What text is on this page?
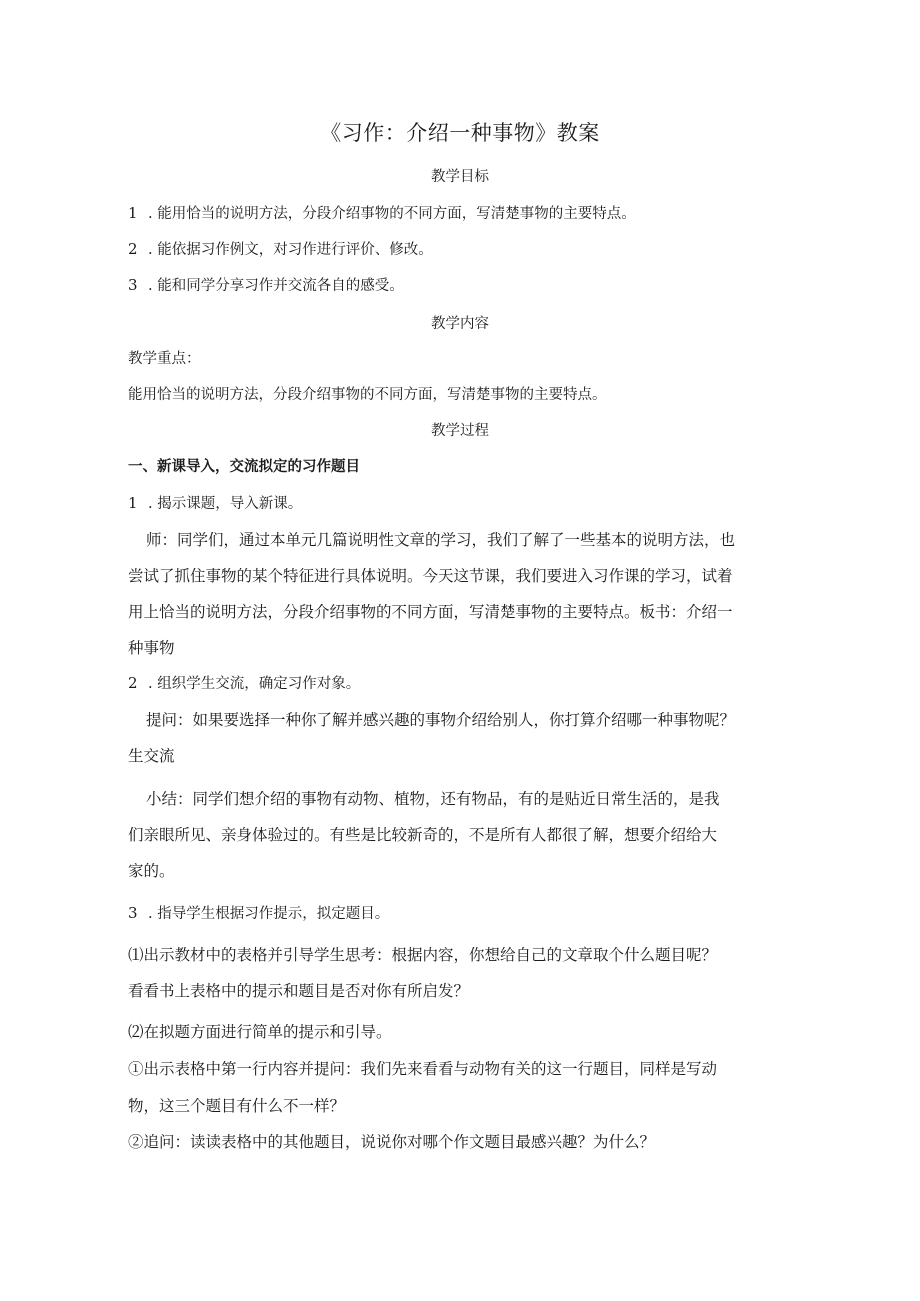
《习作：介绍一种事物》教案
教学目标
1 . 能用恰当的说明方法，分段介绍事物的不同方面，写清楚事物的主要特点。
2 . 能依据习作例文，对习作进行评价、修改。
3 . 能和同学分享习作并交流各自的感受。
教学内容
教学重点：
能用恰当的说明方法，分段介绍事物的不同方面，写清楚事物的主要特点。
教学过程
一、新课导入，交流拟定的习作题目
1 . 揭示课题，导入新课。
师：同学们，通过本单元几篇说明性文章的学习，我们了解了一些基本的说明方法，也
尝试了抓住事物的某个特征进行具体说明。今天这节课，我们要进入习作课的学习，试着
用上恰当的说明方法，分段介绍事物的不同方面，写清楚事物的主要特点。板书：介绍一
种事物
2 . 组织学生交流，确定习作对象。
提问：如果要选择一种你了解并感兴趣的事物介绍给别人，你打算介绍哪一种事物呢？
生交流
小结：同学们想介绍的事物有动物、植物，还有物品，有的是贴近日常生活的，是我
们亲眼所见、亲身体验过的。有些是比较新奇的，不是所有人都很了解，想要介绍给大
家的。
3 . 指导学生根据习作提示，拟定题目。
⑴出示教材中的表格并引导学生思考：根据内容，你想给自己的文章取个什么题目呢？
看看书上表格中的提示和题目是否对你有所启发？
⑵在拟题方面进行简单的提示和引导。
①出示表格中第一行内容并提问：我们先来看看与动物有关的这一行题目，同样是写动
物，这三个题目有什么不一样？
②追问：读读表格中的其他题目，说说你对哪个作文题目最感兴趣？为什么？
